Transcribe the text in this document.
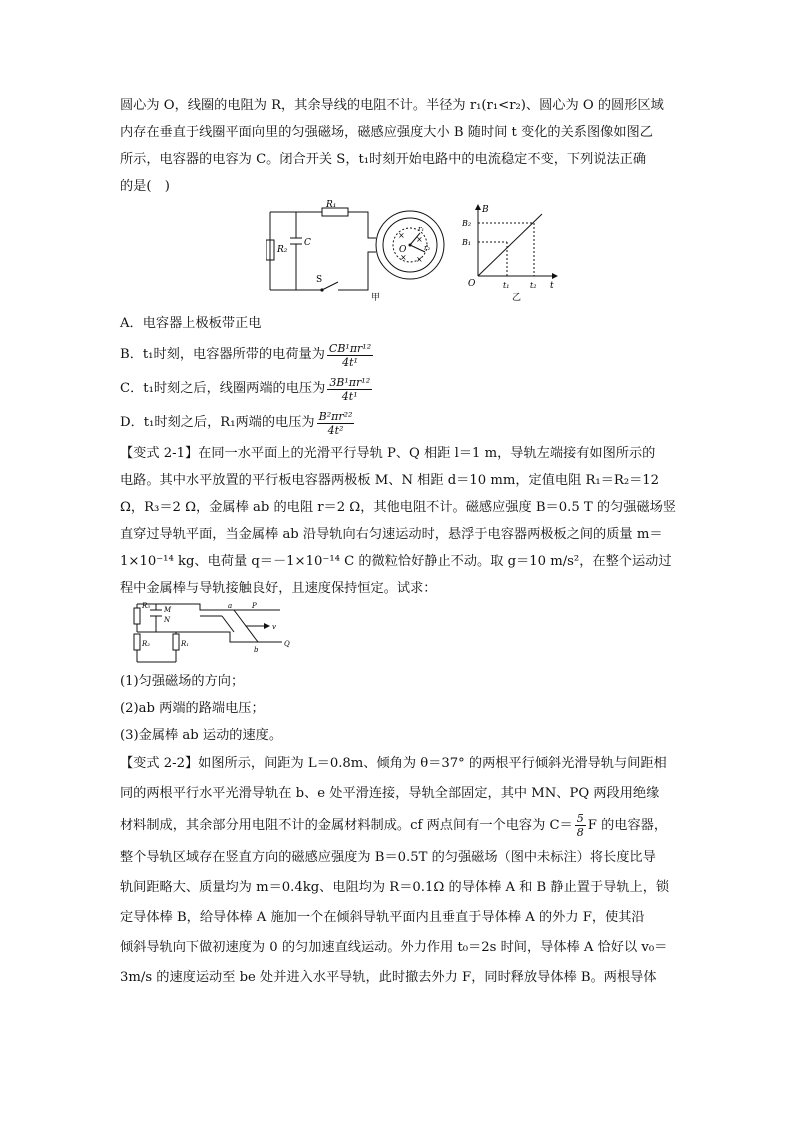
圆心为 O，线圈的电阻为 R，其余导线的电阻不计。半径为 r₁(r₁<r₂)、圆心为 O 的圆形区域

内存在垂直于线圈平面向里的匀强磁场，磁感应强度大小 B 随时间 t 变化的关系图像如图乙

所示，电容器的电容为 C。闭合开关 S，t₁时刻开始电路中的电流稳定不变，下列说法正确

的是(　)

R₁
R₂
C
S
O
r₁
r₂
× ×
× ×
甲
B
B₂
B₁
O	t₁	t₂ t
乙

A．电容器上极板带正电

B．t₁时刻，电容器所带的电荷量为 $\frac{\text{CB¹πr¹²}}{\text{4t¹}}$

C．t₁时刻之后，线圈两端的电压为 $\frac{\text{3B¹πr¹²}}{\text{4t¹}}$

D．t₁时刻之后，R₁两端的电压为 $\frac{\text{B²πr²²}}{\text{4t²}}$

【变式 2-1】在同一水平面上的光滑平行导轨 P、Q 相距 l＝1 m，导轨左端接有如图所示的

电路。其中水平放置的平行板电容器两极板 M、N 相距 d＝10 mm，定值电阻 R₁＝R₂＝12

Ω，R₃＝2 Ω，金属棒 ab 的电阻 r＝2 Ω，其他电阻不计。磁感应强度 B＝0.5 T 的匀强磁场竖

直穿过导轨平面，当金属棒 ab 沿导轨向右匀速运动时，悬浮于电容器两极板之间的质量 m＝

1×10⁻¹⁴ kg、电荷量 q＝－1×10⁻¹⁴ C 的微粒恰好静止不动。取 g＝10 m/s²，在整个运动过

程中金属棒与导轨接触良好，且速度保持恒定。试求：

R₃ M
N
R₂	R₁
a	P
v
b
Q

(1)匀强磁场的方向；

(2)ab 两端的路端电压；

(3)金属棒 ab 运动的速度。

【变式 2-2】如图所示，间距为 L＝0.8m、倾角为 θ＝37° 的两根平行倾斜光滑导轨与间距相

同的两根平行水平光滑导轨在 b、e 处平滑连接，导轨全部固定，其中 MN、PQ 两段用绝缘

材料制成，其余部分用电阻不计的金属材料制成。cf 两点间有一个电容为 $C= \frac{5}{8}$ F 的电容器，

整个导轨区域存在竖直方向的磁感应强度为 B＝0.5T 的匀强磁场（图中未标注）将长度比导

轨间距略大、质量均为 m＝0.4kg、电阻均为 R＝0.1Ω 的导体棒 A 和 B 静止置于导轨上，锁

定导体棒 B，给导体棒 A 施加一个在倾斜导轨平面内且垂直于导体棒 A 的外力 F，使其沿

倾斜导轨向下做初速度为 0 的匀加速直线运动。外力作用 t₀＝2s 时间，导体棒 A 恰好以 v₀＝

3m/s 的速度运动至 be 处并进入水平导轨，此时撤去外力 F，同时释放导体棒 B。两根导体
